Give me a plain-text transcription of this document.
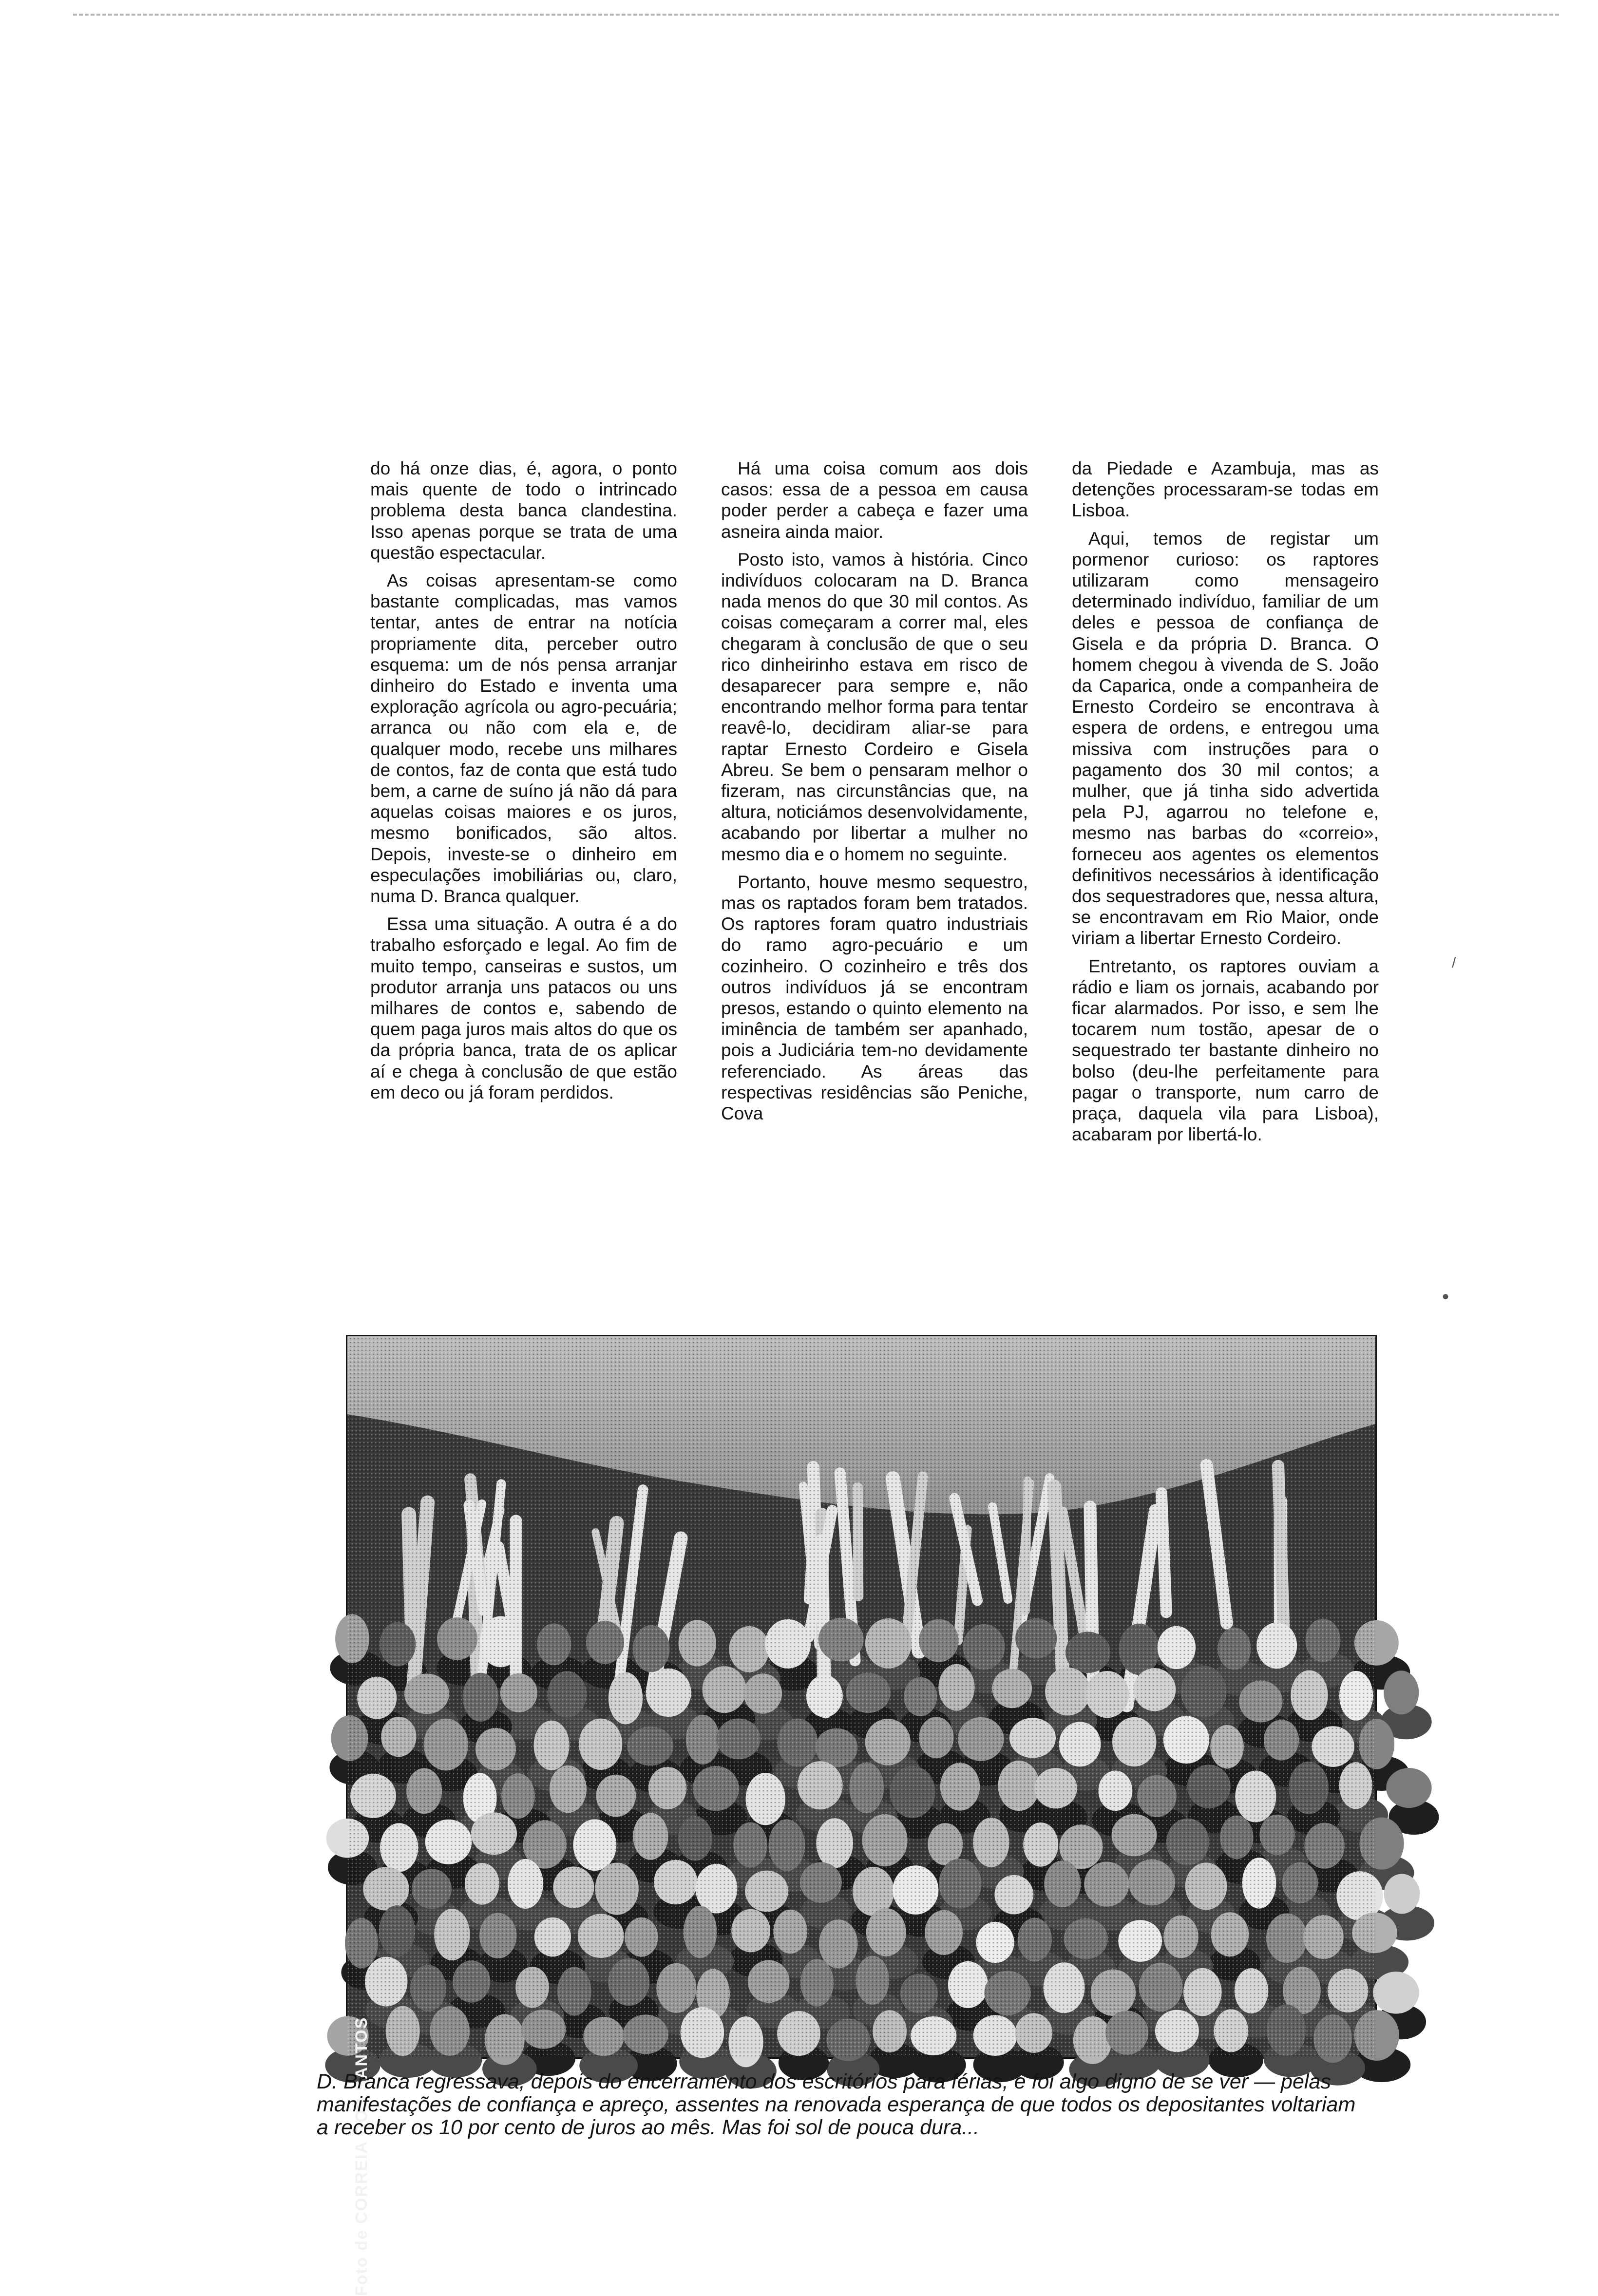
•
/

do há onze dias, é, agora, o ponto mais quente de todo o intrincado problema desta banca clandestina. Isso apenas porque se trata de uma questão espectacular.

As coisas apresentam-se como bastante complicadas, mas vamos tentar, antes de entrar na notícia propriamente dita, perceber outro esquema: um de nós pensa arranjar dinheiro do Estado e inventa uma exploração agrícola ou agro-pecuária; arranca ou não com ela e, de qualquer modo, recebe uns milhares de contos, faz de conta que está tudo bem, a carne de suíno já não dá para aquelas coisas maiores e os juros, mesmo bonificados, são altos. Depois, investe-se o dinheiro em especulações imobiliárias ou, claro, numa D. Branca qualquer.

Essa uma situação. A outra é a do trabalho esforçado e legal. Ao fim de muito tempo, canseiras e sustos, um produtor arranja uns patacos ou uns milhares de contos e, sabendo de quem paga juros mais altos do que os da própria banca, trata de os aplicar aí e chega à conclusão de que estão em deco ou já foram perdidos.

Há uma coisa comum aos dois casos: essa de a pessoa em causa poder perder a cabeça e fazer uma asneira ainda maior.

Posto isto, vamos à história. Cinco indivíduos colocaram na D. Branca nada menos do que 30 mil contos. As coisas começaram a correr mal, eles chegaram à conclusão de que o seu rico dinheirinho estava em risco de desaparecer para sempre e, não encontrando melhor forma para tentar reavê-lo, decidiram aliar-se para raptar Ernesto Cordeiro e Gisela Abreu. Se bem o pensaram melhor o fizeram, nas circunstâncias que, na altura, noticiámos desenvolvidamente, acabando por libertar a mulher no mesmo dia e o homem no seguinte.

Portanto, houve mesmo sequestro, mas os raptados foram bem tratados. Os raptores foram quatro industriais do ramo agro-pecuário e um cozinheiro. O cozinheiro e três dos outros indivíduos já se encontram presos, estando o quinto elemento na iminência de também ser apanhado, pois a Judiciária tem-no devidamente referenciado. As áreas das respectivas residências são Peniche, Cova

da Piedade e Azambuja, mas as detenções processaram-se todas em Lisboa.

Aqui, temos de registar um pormenor curioso: os raptores utilizaram como mensageiro determinado indivíduo, familiar de um deles e pessoa de confiança de Gisela e da própria D. Branca. O homem chegou à vivenda de S. João da Caparica, onde a companheira de Ernesto Cordeiro se encontrava à espera de ordens, e entregou uma missiva com instruções para o pagamento dos 30 mil contos; a mulher, que já tinha sido advertida pela PJ, agarrou no telefone e, mesmo nas barbas do «correio», forneceu aos agentes os elementos definitivos necessários à identificação dos sequestradores que, nessa altura, se encontravam em Rio Maior, onde viriam a libertar Ernesto Cordeiro.

Entretanto, os raptores ouviam a rádio e liam os jornais, acabando por ficar alarmados. Por isso, e sem lhe tocarem num tostão, apesar de o sequestrado ter bastante dinheiro no bolso (deu-lhe perfeitamente para pagar o transporte, num carro de praça, daquela vila para Lisboa), acabaram por libertá-lo.

Foto de CORREIA DOS SANTOS
D. Branca regressava, depois do encerramento dos escritórios para férias, e foi algo digno de se ver — pelas manifestações de confiança e apreço, assentes na renovada esperança de que todos os depositantes voltariam a receber os 10 por cento de juros ao mês. Mas foi sol de pouca dura...
